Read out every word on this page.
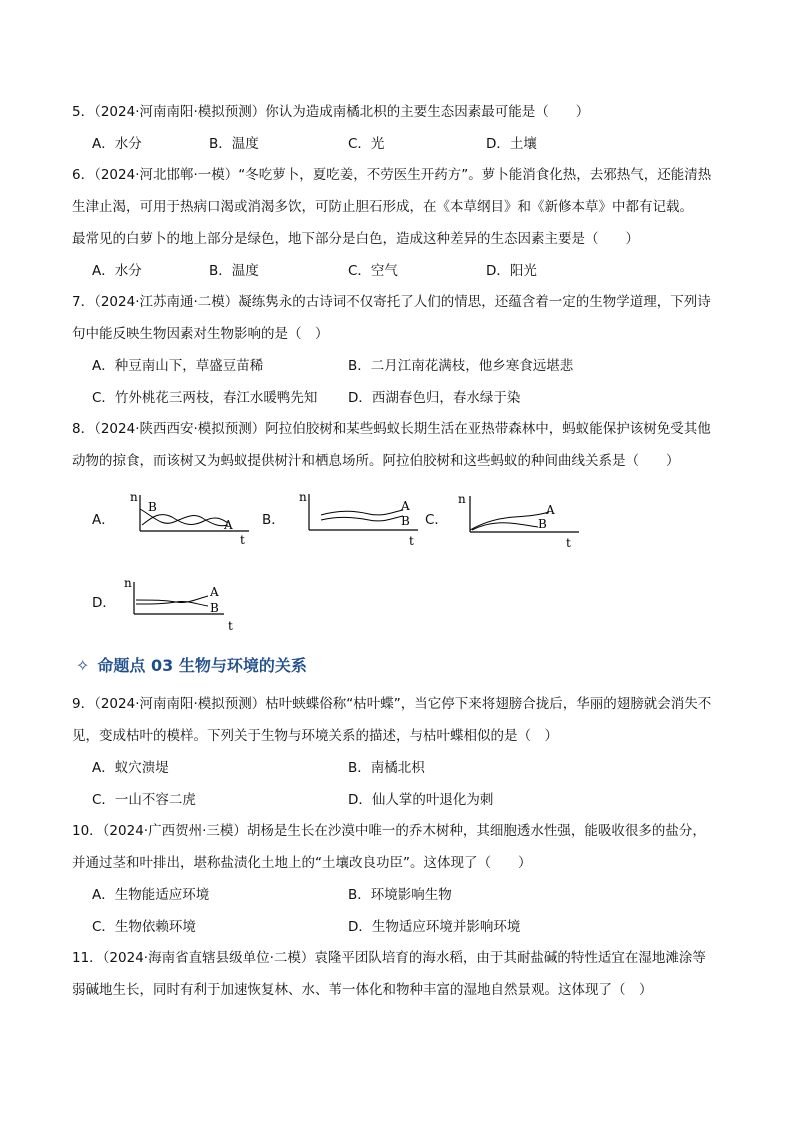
5．（2024·河南南阳·模拟预测）你认为造成南橘北枳的主要生态因素最可能是（　　）
A．水分	B．温度	C．光	D．土壤
6．（2024·河北邯郸·一模）“冬吃萝卜，夏吃姜，不劳医生开药方”。萝卜能消食化热，去邪热气，还能清热
生津止渴，可用于热病口渴或消渴多饮，可防止胆石形成，在《本草纲目》和《新修本草》中都有记载。
最常见的白萝卜的地上部分是绿色，地下部分是白色，造成这种差异的生态因素主要是（　　）
A．水分	B．温度	C．空气	D．阳光
7．（2024·江苏南通·二模）凝练隽永的古诗词不仅寄托了人们的情思，还蕴含着一定的生物学道理，下列诗
句中能反映生物因素对生物影响的是（　）
A．种豆南山下，草盛豆苗稀	B．二月江南花满枝，他乡寒食远堪悲
C．竹外桃花三两枝，春江水暖鸭先知 D．西湖春色归，春水绿于染
8．（2024·陕西西安·模拟预测）阿拉伯胶树和某些蚂蚁长期生活在亚热带森林中，蚂蚁能保护该树免受其他
动物的掠食，而该树又为蚂蚁提供树汁和栖息场所。阿拉伯胶树和这些蚂蚁的种间曲线关系是（　　）
A．	B．	C．
D．
n
t
B
A
n
t
A
B
n
t
A
B
n
t
A
B
✧ 命题点 03 生物与环境的关系
9．（2024·河南南阳·模拟预测）枯叶蛱蝶俗称“枯叶蝶”，当它停下来将翅膀合拢后，华丽的翅膀就会消失不
见，变成枯叶的模样。下列关于生物与环境关系的描述，与枯叶蝶相似的是（　）
A．蚁穴溃堤	B．南橘北枳
C．一山不容二虎	D．仙人掌的叶退化为刺
10．（2024·广西贺州·三模）胡杨是生长在沙漠中唯一的乔木树种，其细胞透水性强，能吸收很多的盐分，
并通过茎和叶排出，堪称盐渍化土地上的“土壤改良功臣”。这体现了（　　）
A．生物能适应环境	B．环境影响生物
C．生物依赖环境	D．生物适应环境并影响环境
11．（2024·海南省直辖县级单位·二模）袁隆平团队培育的海水稻，由于其耐盐碱的特性适宜在湿地滩涂等
弱碱地生长，同时有利于加速恢复林、水、苇一体化和物种丰富的湿地自然景观。这体现了（　）
